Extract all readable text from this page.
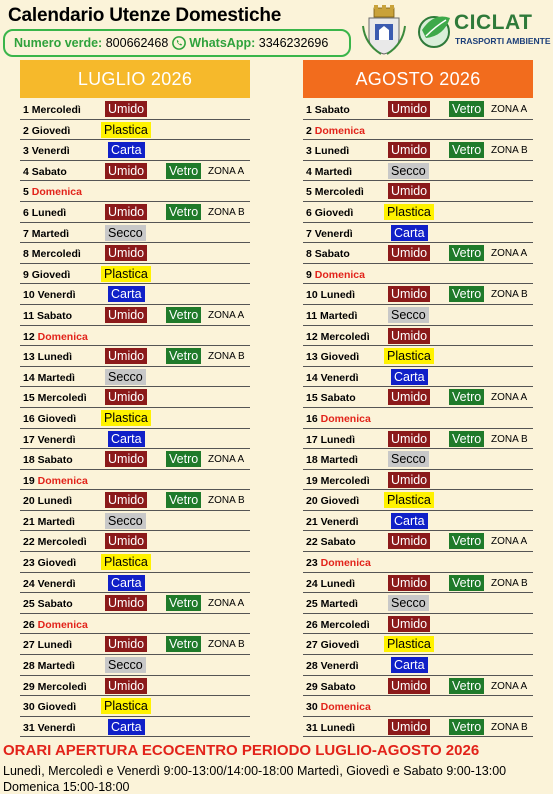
Calendario Utenze Domestiche
Numero verde:
800662468 WhatsApp:
3346232696
CICLAT
TRASPORTI AMBIENTE
LUGLIO 2026
1 Mercoledì Umido
2 Giovedì	Plastica
3 Venerdì	Carta
4 Sabato	Umido Vetro ZONA A
5 Domenica
6 Lunedì	Umido Vetro ZONA B
7 Martedì	Secco
8 Mercoledì Umido
9 Giovedì	Plastica
10 Venerdì	Carta
11 Sabato	Umido Vetro ZONA A
12 Domenica
13 Lunedì	Umido Vetro ZONA B
14 Martedì	Secco
15 Mercoledì Umido
16 Giovedì Plastica
17 Venerdì	Carta
18 Sabato	Umido Vetro ZONA A
19 Domenica
20 Lunedì	Umido Vetro ZONA B
21 Martedì	Secco
22 Mercoledì Umido
23 Giovedì Plastica
24 Venerdì	Carta
25 Sabato	Umido Vetro ZONA A
26 Domenica
27 Lunedì	Umido Vetro ZONA B
28 Martedì	Secco
29 Mercoledì Umido
30 Giovedì Plastica
31 Venerdì	Carta
AGOSTO 2026
1 Sabato	Umido Vetro ZONA A
2 Domenica
3 Lunedì	Umido Vetro ZONA B
4 Martedì	Secco
5 Mercoledì Umido
6 Giovedì	Plastica
7 Venerdì	Carta
8 Sabato	Umido Vetro ZONA A
9 Domenica
10 Lunedì	Umido Vetro ZONA B
11 Martedì	Secco
12 Mercoledì Umido
13 Giovedì Plastica
14 Venerdì	Carta
15 Sabato	Umido Vetro ZONA A
16 Domenica
17 Lunedì	Umido Vetro ZONA B
18 Martedì	Secco
19 Mercoledì Umido
20 Giovedì Plastica
21 Venerdì	Carta
22 Sabato	Umido Vetro ZONA A
23 Domenica
24 Lunedì	Umido Vetro ZONA B
25 Martedì	Secco
26 Mercoledì Umido
27 Giovedì Plastica
28 Venerdì	Carta
29 Sabato	Umido Vetro ZONA A
30 Domenica
31 Lunedì	Umido Vetro ZONA B
ORARI APERTURA ECOCENTRO PERIODO LUGLIO-AGOSTO 2026
Lunedì, Mercoledì e Venerdì 9:00-13:00/14:00-18:00 Martedì, Giovedì e Sabato 9:00-13:00
Domenica 15:00-18:00
